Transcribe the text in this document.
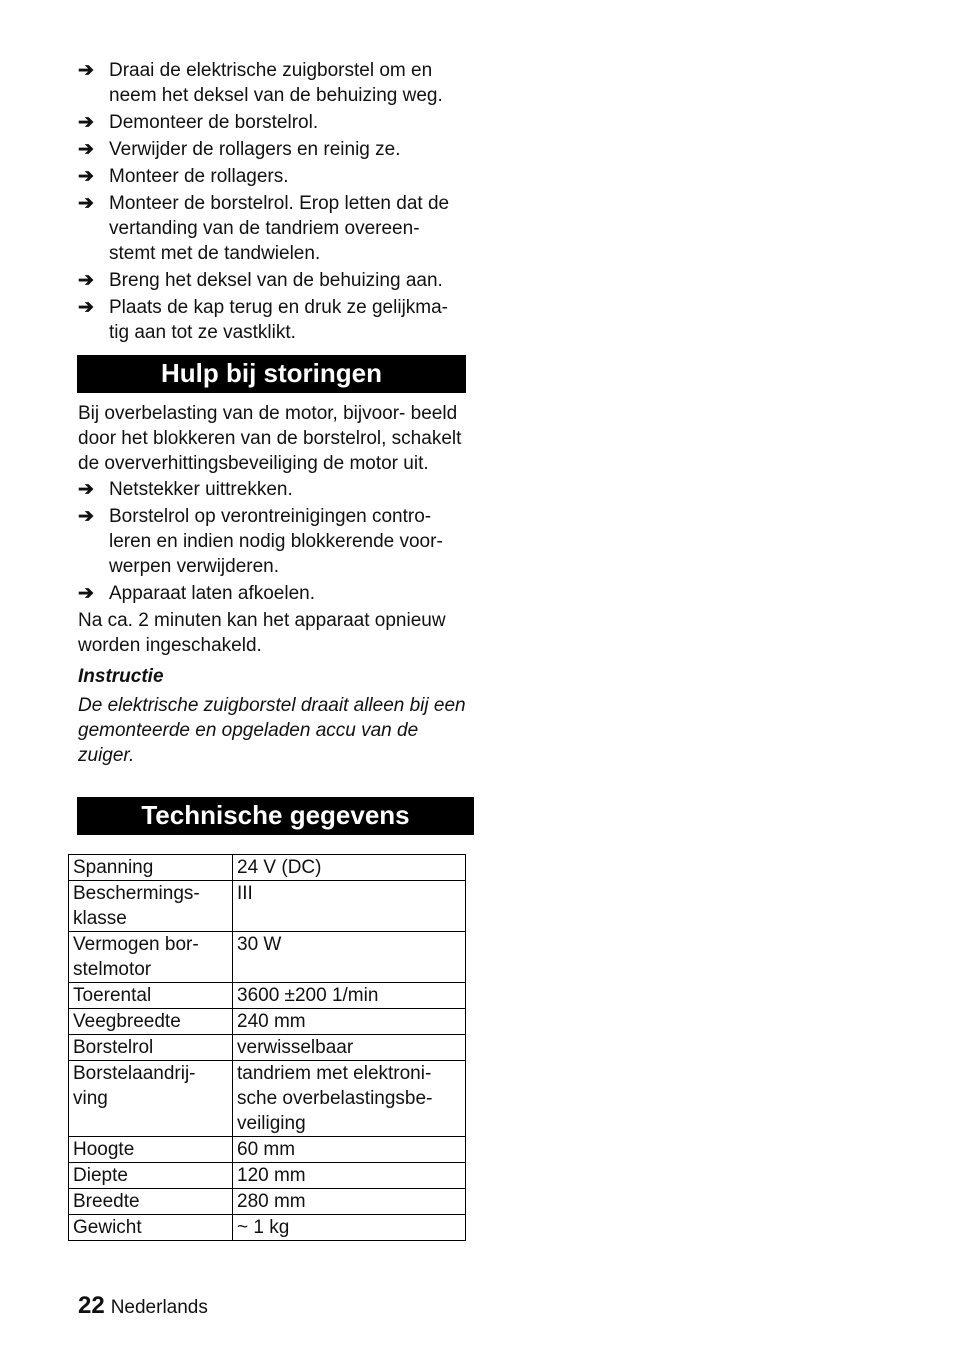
➔ Draai de elektrische zuigborstel om en neem het deksel van de behuizing weg.
➔ Demonteer de borstelrol.
➔ Verwijder de rollagers en reinig ze.
➔ Monteer de rollagers.
➔ Monteer de borstelrol. Erop letten dat de vertanding van de tandriem overeen- stemt met de tandwielen.
➔ Breng het deksel van de behuizing aan.
➔ Plaats de kap terug en druk ze gelijkma- tig aan tot ze vastklikt.
Hulp bij storingen

Bij overbelasting van de motor, bijvoor- beeld door het blokkeren van de borstelrol, schakelt de oververhittingsbeveiliging de motor uit.

➔ Netstekker uittrekken.
➔ Borstelrol op verontreinigingen contro- leren en indien nodig blokkerende voor- werpen verwijderen.
➔ Apparaat laten afkoelen.

Na ca. 2 minuten kan het apparaat opnieuw worden ingeschakeld.

Instructie

De elektrische zuigborstel draait alleen bij een gemonteerde en opgeladen accu van de zuiger.

Technische gegevens
Spanning	24 V (DC)
Beschermings- klasse	III
Vermogen bor- stelmotor	30 W
Toerental	3600 ±200 1/min
Veegbreedte	240 mm
Borstelrol	verwisselbaar
Borstelaandrij- ving	tandriem met elektroni- sche overbelastingsbe- veiliging
Hoogte	60 mm
Diepte	120 mm
Breedte	280 mm
Gewicht	~ 1 kg
22 Nederlands
